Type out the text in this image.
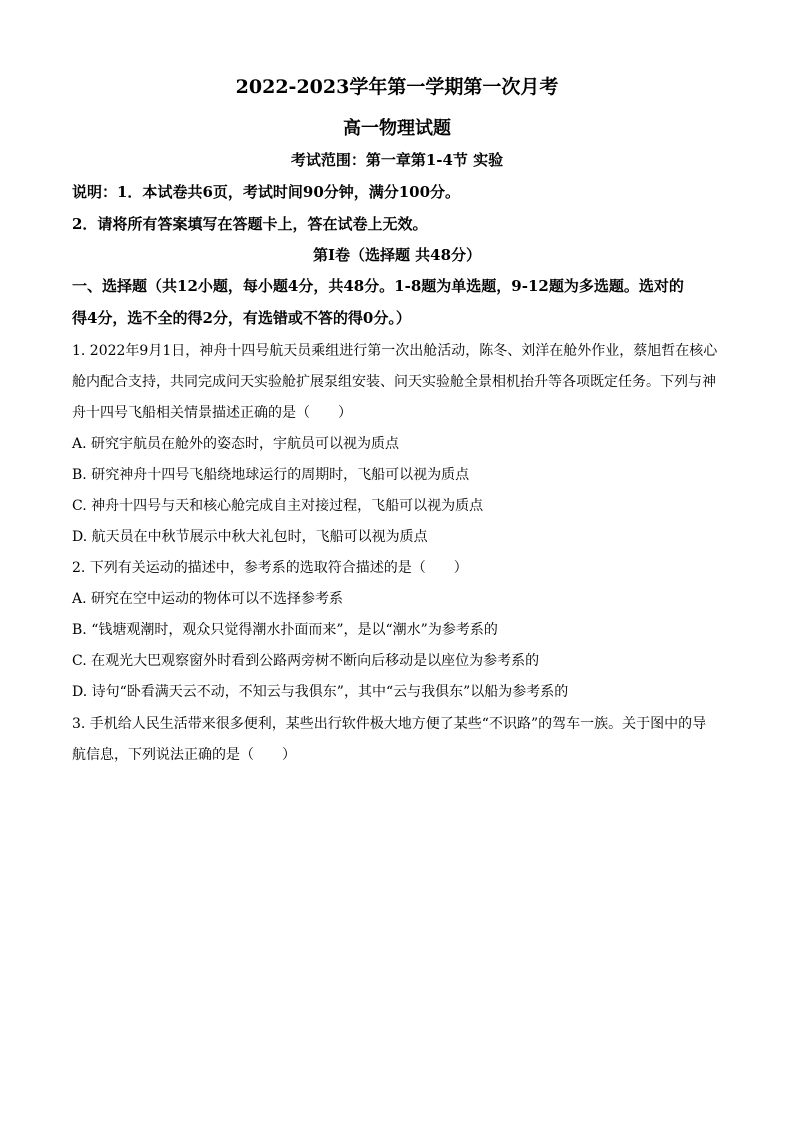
2022-2023学年第一学期第一次月考
高一物理试题
考试范围：第一章第1-4节 实验
说明：1．本试卷共6页，考试时间90分钟，满分100分。
2．请将所有答案填写在答题卡上，答在试卷上无效。
第Ⅰ卷（选择题 共48分）
一、选择题（共12小题，每小题4分，共48分。1-8题为单选题，9-12题为多选题。选对的
得4分，选不全的得2分，有选错或不答的得0分。）
1. 2022年9月1日，神舟十四号航天员乘组进行第一次出舱活动，陈冬、刘洋在舱外作业，蔡旭哲在核心
舱内配合支持，共同完成问天实验舱扩展泵组安装、问天实验舱全景相机抬升等各项既定任务。下列与神
舟十四号飞船相关情景描述正确的是（　　）
A. 研究宇航员在舱外的姿态时，宇航员可以视为质点
B. 研究神舟十四号飞船绕地球运行的周期时，飞船可以视为质点
C. 神舟十四号与天和核心舱完成自主对接过程，飞船可以视为质点
D. 航天员在中秋节展示中秋大礼包时，飞船可以视为质点
2. 下列有关运动的描述中，参考系的选取符合描述的是（　　）
A. 研究在空中运动的物体可以不选择参考系
B. “钱塘观潮时，观众只觉得潮水扑面而来”，是以“潮水”为参考系的
C. 在观光大巴观察窗外时看到公路两旁树不断向后移动是以座位为参考系的
D. 诗句“卧看满天云不动，不知云与我俱东”，其中“云与我俱东”以船为参考系的
3. 手机给人民生活带来很多便利，某些出行软件极大地方便了某些“不识路”的驾车一族。关于图中的导
航信息，下列说法正确的是（　　）
